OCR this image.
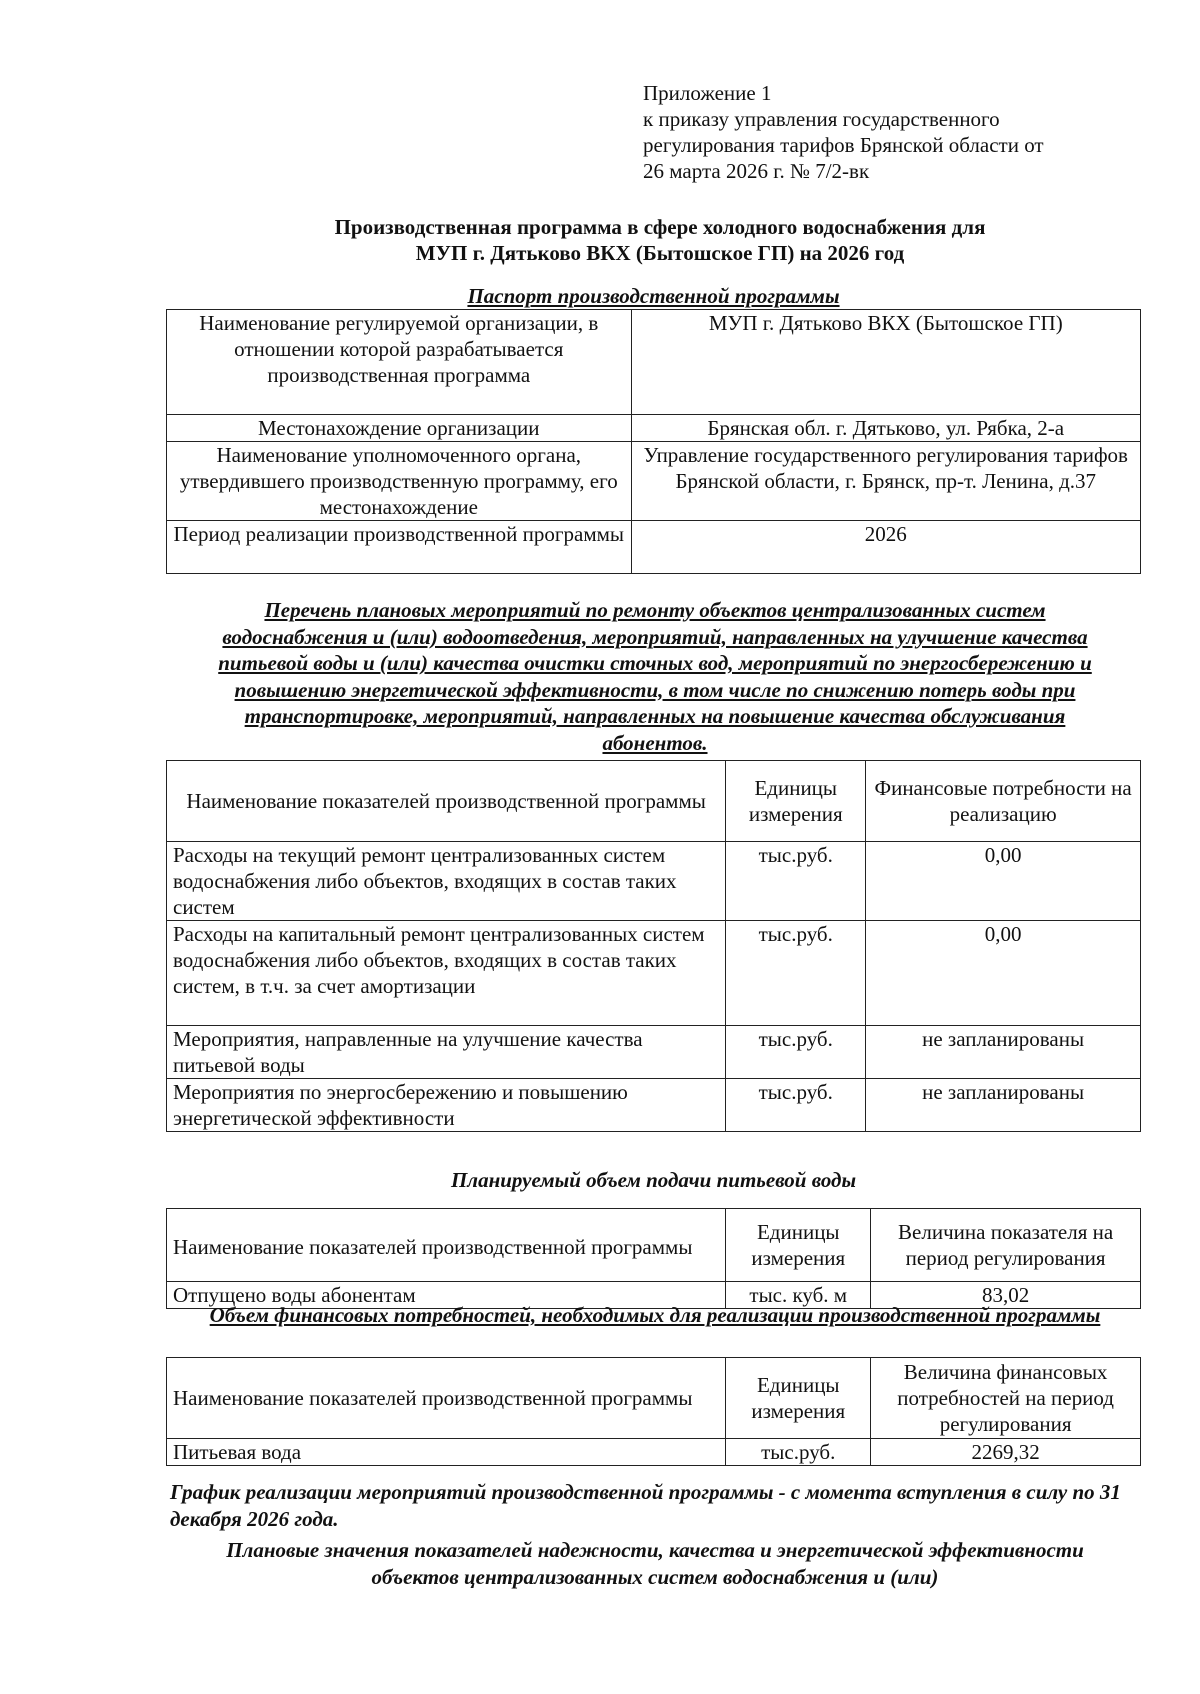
Приложение 1
к приказу управления государственного
регулирования тарифов Брянской области от
26 марта 2026 г. № 7/2-вк
Производственная программа в сфере холодного водоснабжения для
МУП г. Дятьково ВКХ (Бытошское ГП) на 2026 год
Паспорт производственной программы
Наименование регулируемой организации, в отношении которой разрабатывается производственная программа	МУП г. Дятьково ВКХ (Бытошское ГП)
Местонахождение организации	Брянская обл. г. Дятьково, ул. Рябка, 2-а
Наименование уполномоченного органа, утвердившего производственную программу, его местонахождение	Управление государственного регулирования тарифов Брянской области, г. Брянск, пр-т. Ленина, д.37
Период реализации производственной программы	2026
Перечень плановых мероприятий по ремонту объектов централизованных систем водоснабжения и (или) водоотведения, мероприятий, направленных на улучшение качества питьевой воды и (или) качества очистки сточных вод, мероприятий по энергосбережению и повышению энергетической эффективности, в том числе по снижению потерь воды при транспортировке, мероприятий, направленных на повышение качества обслуживания абонентов.
Наименование показателей производственной программы	Единицы измерения	Финансовые потребности на реализацию
Расходы на текущий ремонт централизованных систем водоснабжения либо объектов, входящих в состав таких систем	тыс.руб.	0,00
Расходы на капитальный ремонт централизованных систем водоснабжения либо объектов, входящих в состав таких систем, в т.ч. за счет амортизации	тыс.руб.	0,00
Мероприятия, направленные на улучшение качества питьевой воды	тыс.руб.	не запланированы
Мероприятия по энергосбережению и повышению энергетической эффективности	тыс.руб.	не запланированы
Планируемый объем подачи питьевой воды
Наименование показателей производственной программы	Единицы измерения	Величина показателя на период регулирования
Отпущено воды абонентам	тыс. куб. м	83,02
Объем финансовых потребностей, необходимых для реализации производственной программы
Наименование показателей производственной программы	Единицы измерения	Величина финансовых потребностей на период регулирования
Питьевая вода	тыс.руб.	2269,32
График реализации мероприятий производственной программы - с момента вступления в силу по 31 декабря 2026 года.
Плановые значения показателей надежности, качества и энергетической эффективности объектов централизованных систем водоснабжения и (или)
